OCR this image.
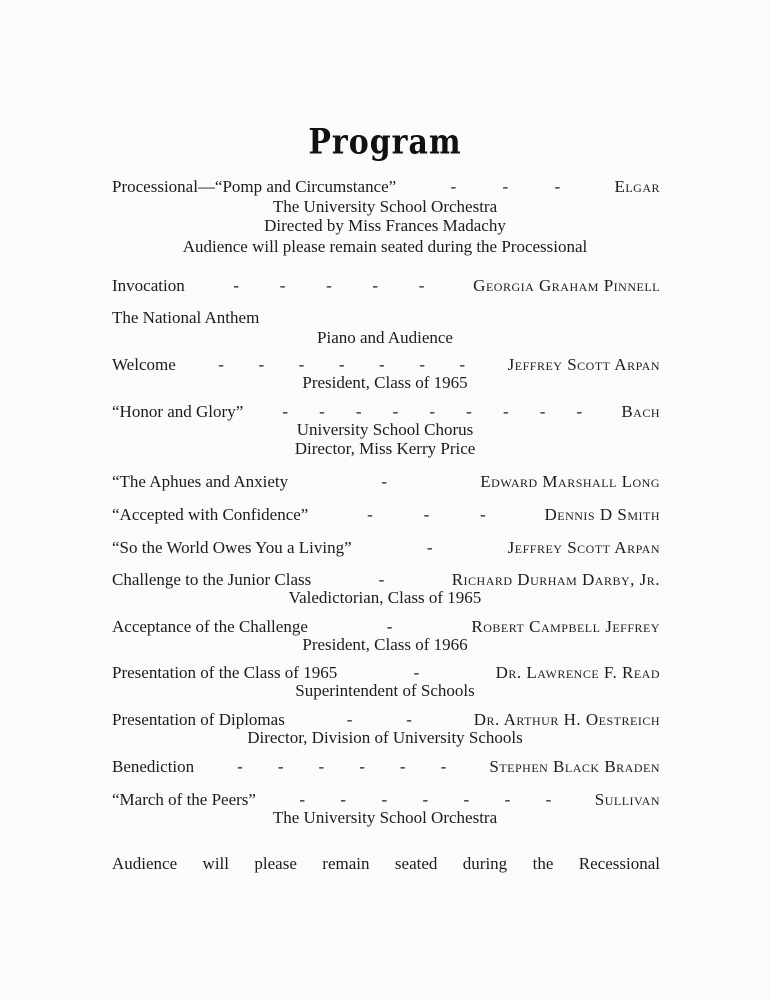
Program
Processional—“Pomp and Circumstance”	-	-	-	Elgar
The University School Orchestra
Directed by Miss Frances Madachy
Audience will please remain seated during the Processional
Invocation	- - - - -	Georgia Graham Pinnell
The National Anthem
Piano and Audience
Welcome	- - - - - - -	Jeffrey Scott Arpan
President, Class of 1965
“Honor and Glory” - - - - - - - - - Bach
University School Chorus
Director, Miss Kerry Price
“The Aphues and Anxiety	-	Edward Marshall Long
“Accepted with Confidence”	-	-	-	Dennis D Smith
“So the World Owes You a Living”	-	Jeffrey Scott Arpan
Challenge to the Junior Class	-	Richard Durham Darby, Jr.
Valedictorian, Class of 1965
Acceptance of the Challenge	-	Robert Campbell Jeffrey
President, Class of 1966
Presentation of the Class of 1965	-	Dr. Lawrence F. Read
Superintendent of Schools
Presentation of Diplomas	-	-	Dr. Arthur H. Oestreich
Director, Division of University Schools
Benediction	- - - - - -	Stephen Black Braden
“March of the Peers”	- - - - - - -	Sullivan
The University School Orchestra
Audience will please remain seated during the Recessional
